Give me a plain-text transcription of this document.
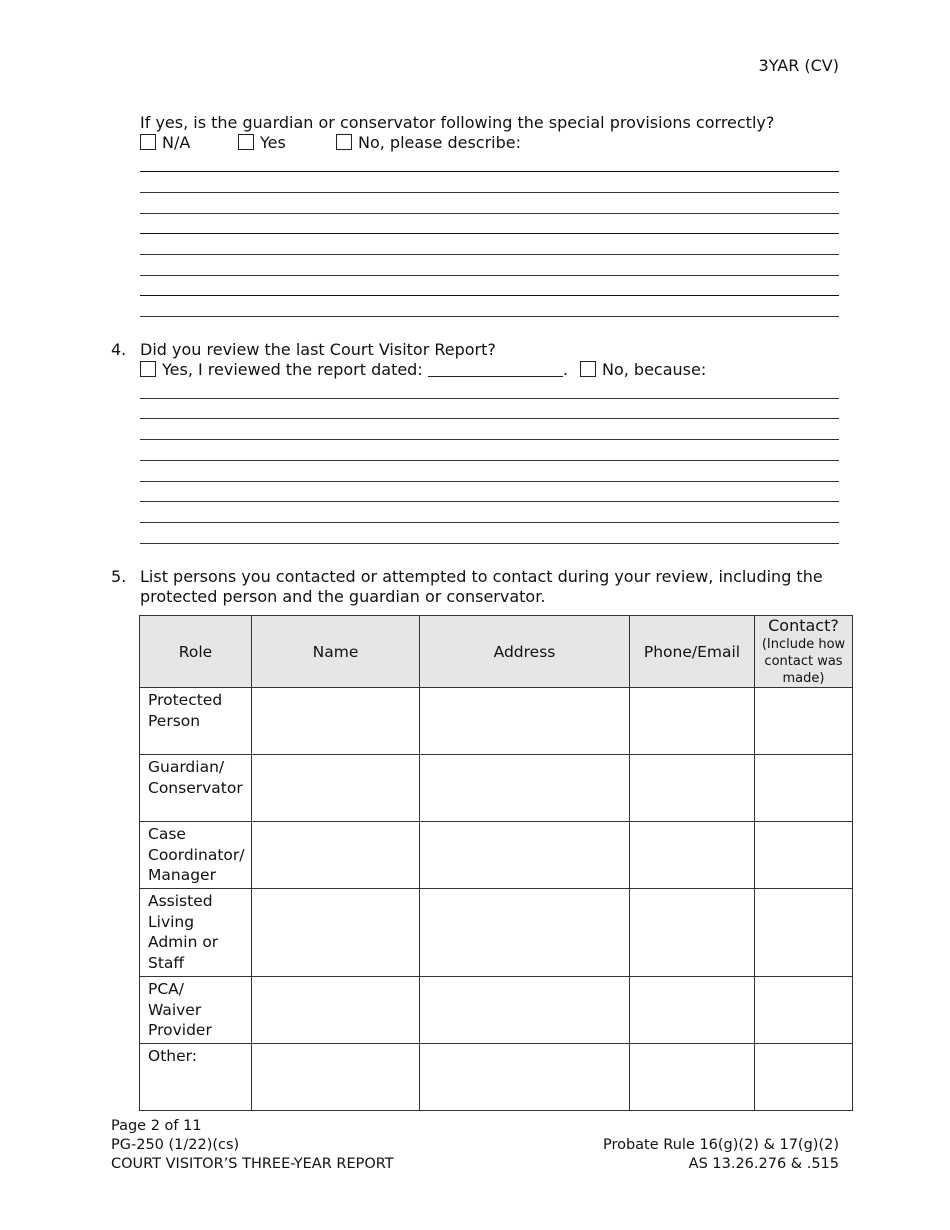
3YAR (CV)
If yes, is the guardian or conservator following the special provisions correctly?
N/A	Yes	No, please describe:
4. Did you review the last Court Visitor Report?
Yes, I reviewed the report dated:	.	No, because:
5. List persons you contacted or attempted to contact during your review, including the
protected person and the guardian or conservator.
Role	Name	Address	Phone/Email	Contact?
(Include how
contact was
made)

Protected
Person				

Guardian/
Conservator				

Case
Coordinator/
Manager				

Assisted
Living
Admin or
Staff				

PCA/
Waiver
Provider				

Other:				

Page 2 of 11
PG-250 (1/22)(cs)
COURT VISITOR’S THREE-YEAR REPORT
Probate Rule 16(g)(2) & 17(g)(2)
AS 13.26.276 & .515
